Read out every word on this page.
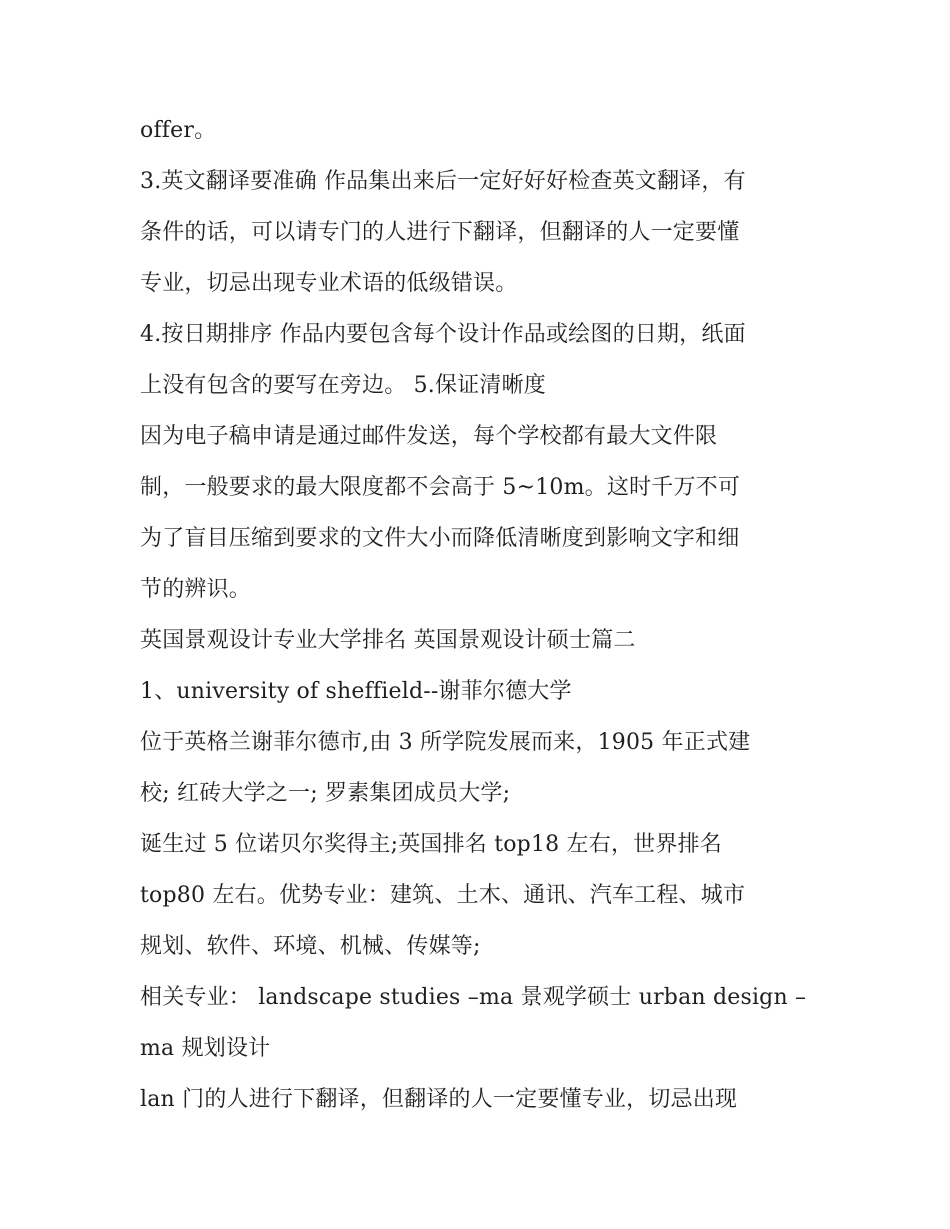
offer。
3.英文翻译要准确 作品集出来后一定好好好检查英文翻译，有
条件的话，可以请专门的人进行下翻译，但翻译的人一定要懂
专业，切忌出现专业术语的低级错误。
4.按日期排序 作品内要包含每个设计作品或绘图的日期，纸面
上没有包含的要写在旁边。 5.保证清晰度
因为电子稿申请是通过邮件发送，每个学校都有最大文件限
制，一般要求的最大限度都不会高于 5~10m。这时千万不可
为了盲目压缩到要求的文件大小而降低清晰度到影响文字和细
节的辨识。
英国景观设计专业大学排名 英国景观设计硕士篇二
1、university of sheffield--谢菲尔德大学
位于英格兰谢菲尔德市,由 3 所学院发展而来，1905 年正式建
校; 红砖大学之一; 罗素集团成员大学;
诞生过 5 位诺贝尔奖得主;英国排名 top18 左右，世界排名
top80 左右。优势专业：建筑、土木、通讯、汽车工程、城市
规划、软件、环境、机械、传媒等;
相关专业： landscape studies –ma 景观学硕士 urban design –
ma 规划设计
lan 门的人进行下翻译，但翻译的人一定要懂专业，切忌出现
